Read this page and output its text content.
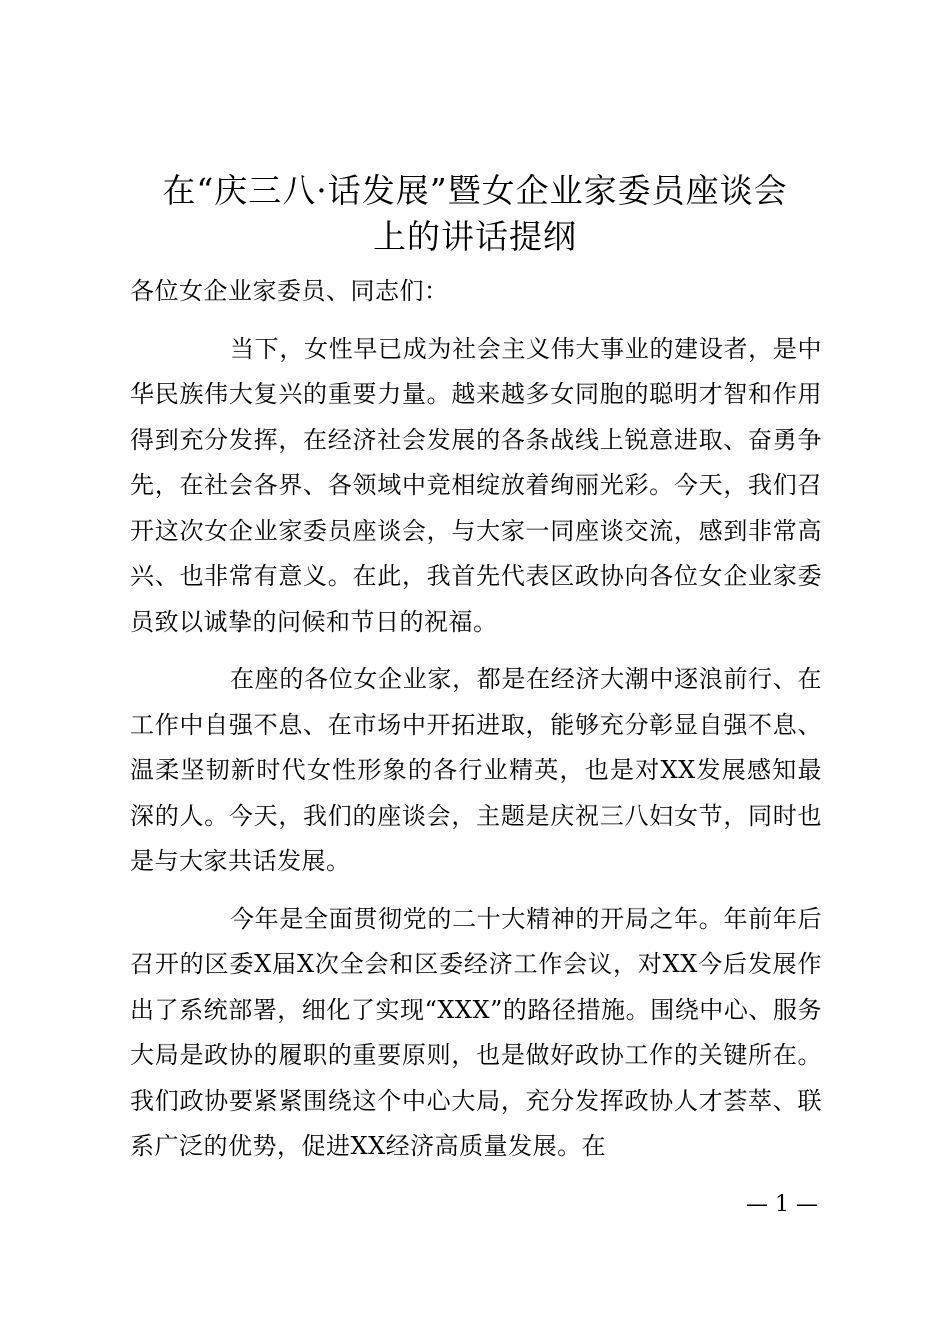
在“庆三八·话发展”暨女企业家委员座谈会
上的讲话提纲

各位女企业家委员、同志们：

当下，女性早已成为社会主义伟大事业的建设者，是中华民族伟大复兴的重要力量。越来越多女同胞的聪明才智和作用得到充分发挥，在经济社会发展的各条战线上锐意进取、奋勇争先，在社会各界、各领域中竞相绽放着绚丽光彩。今天，我们召开这次女企业家委员座谈会，与大家一同座谈交流，感到非常高兴、也非常有意义。在此，我首先代表区政协向各位女企业家委员致以诚挚的问候和节日的祝福。

在座的各位女企业家，都是在经济大潮中逐浪前行、在工作中自强不息、在市场中开拓进取，能够充分彰显自强不息、温柔坚韧新时代女性形象的各行业精英，也是对XX发展感知最深的人。今天，我们的座谈会，主题是庆祝三八妇女节，同时也是与大家共话发展。

今年是全面贯彻党的二十大精神的开局之年。年前年后召开的区委X届X次全会和区委经济工作会议，对XX今后发展作出了系统部署，细化了实现“XXX”的路径措施。围绕中心、服务大局是政协的履职的重要原则，也是做好政协工作的关键所在。我们政协要紧紧围绕这个中心大局，充分发挥政协人才荟萃、联系广泛的优势，促进XX经济高质量发展。在

— 1 —
